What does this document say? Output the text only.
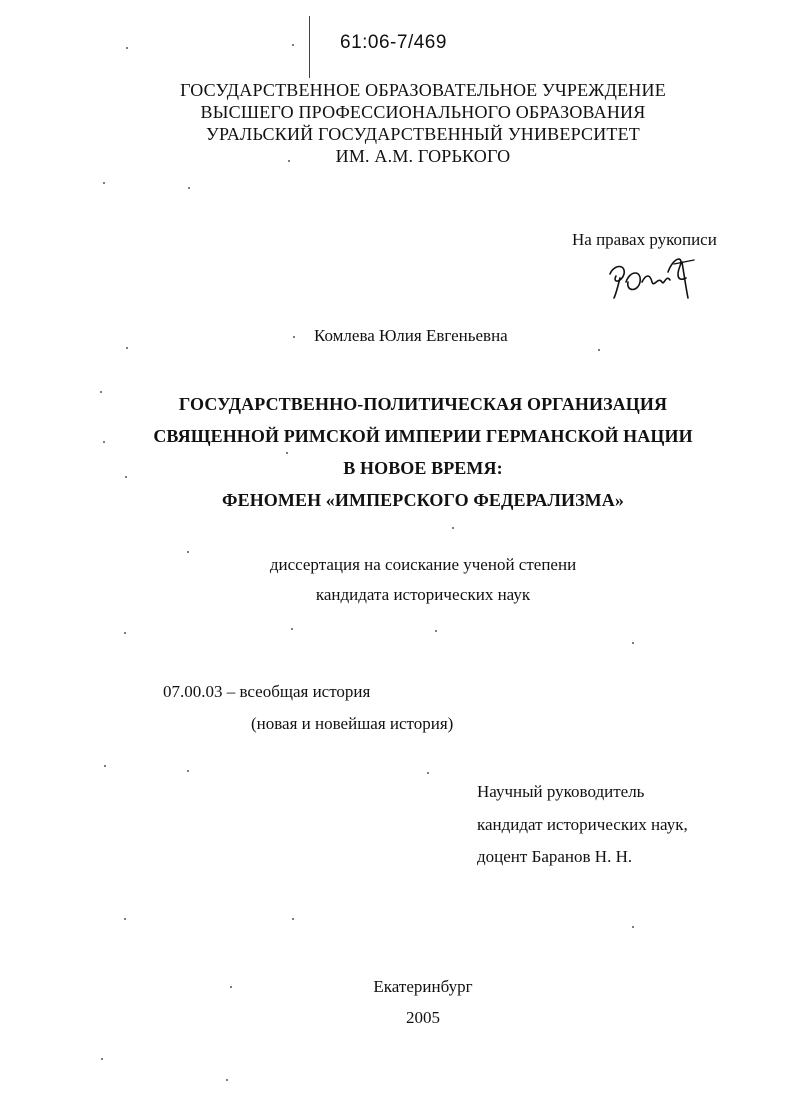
61:06-7/469
ГОСУДАРСТВЕННОЕ ОБРАЗОВАТЕЛЬНОЕ УЧРЕЖДЕНИЕ
ВЫСШЕГО ПРОФЕССИОНАЛЬНОГО ОБРАЗОВАНИЯ
УРАЛЬСКИЙ ГОСУДАРСТВЕННЫЙ УНИВЕРСИТЕТ
ИМ. А.М. ГОРЬКОГО
На правах рукописи
Комлева Юлия Евгеньевна
ГОСУДАРСТВЕННО-ПОЛИТИЧЕСКАЯ ОРГАНИЗАЦИЯ
СВЯЩЕННОЙ РИМСКОЙ ИМПЕРИИ ГЕРМАНСКОЙ НАЦИИ
В НОВОЕ ВРЕМЯ:
ФЕНОМЕН «ИМПЕРСКОГО ФЕДЕРАЛИЗМА»
диссертация на соискание ученой степени
кандидата исторических наук
07.00.03 – всеобщая история
(новая и новейшая история)
Научный руководитель
кандидат исторических наук,
доцент Баранов Н. Н.
Екатеринбург
2005
